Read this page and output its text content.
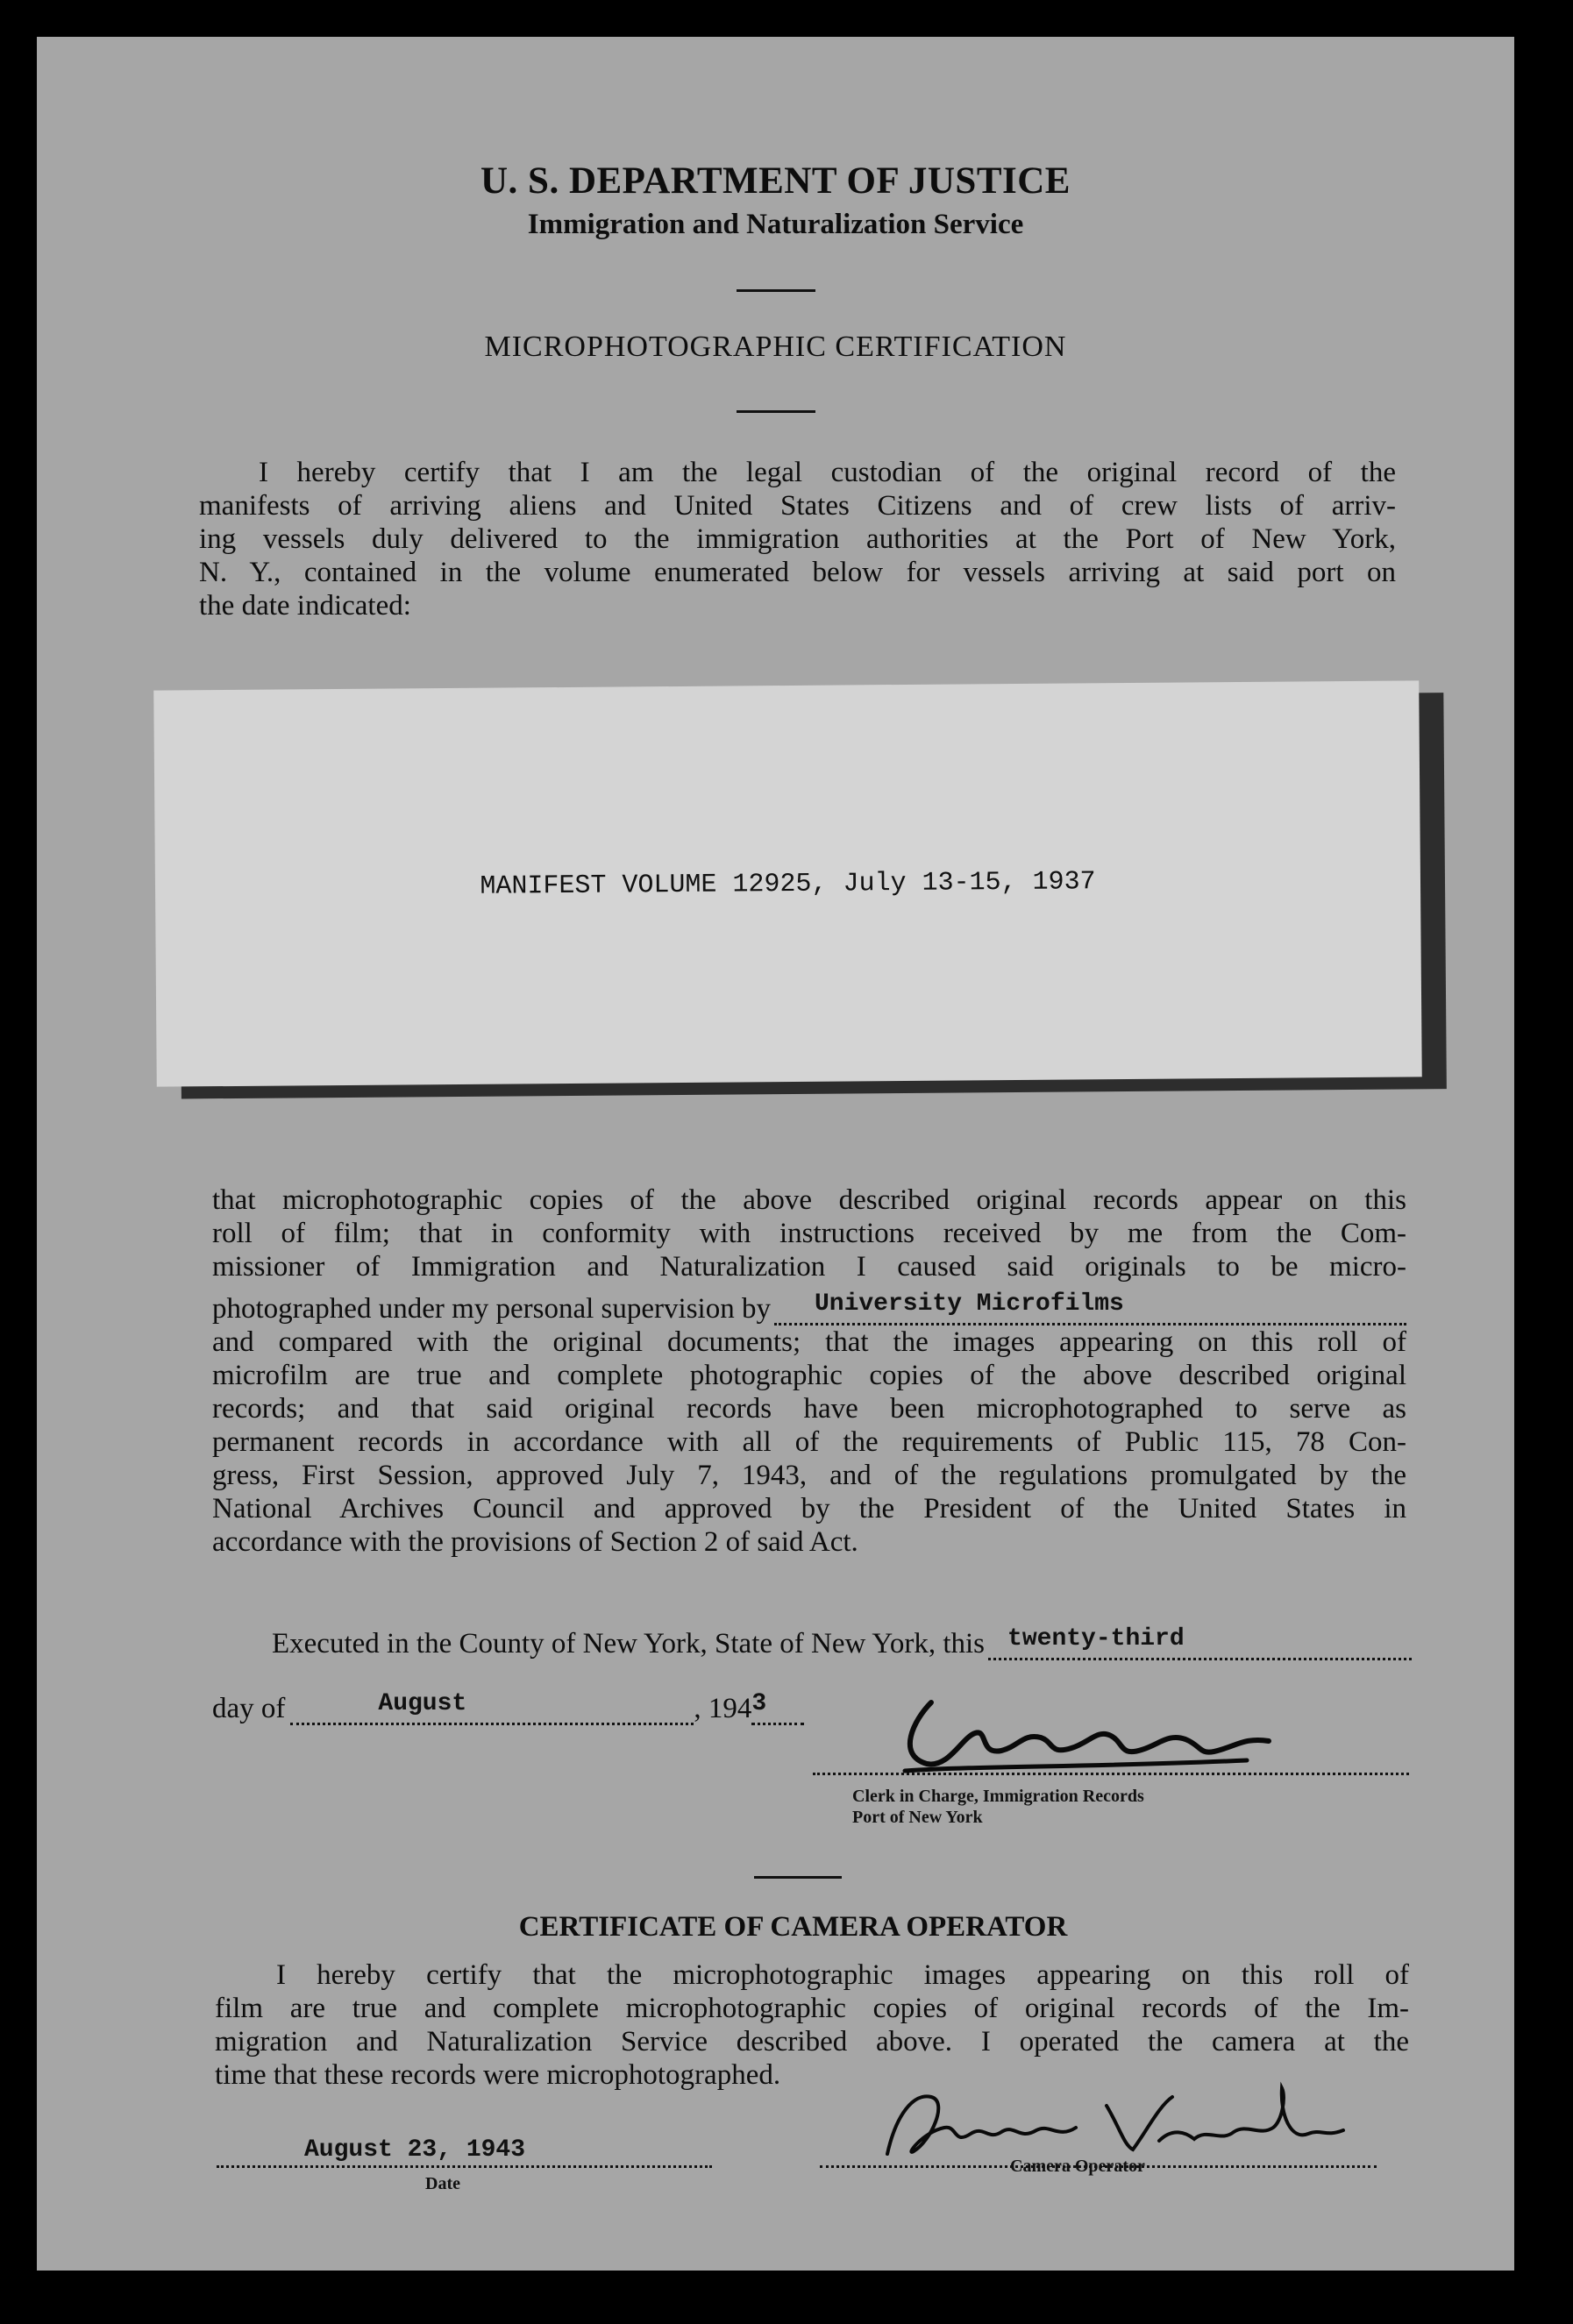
U. S. DEPARTMENT OF JUSTICE
Immigration and Naturalization Service
MICROPHOTOGRAPHIC CERTIFICATION
I hereby certify that I am the legal custodian of the original record of the
manifests of arriving aliens and United States Citizens and of crew lists of arriv-
ing vessels duly delivered to the immigration authorities at the Port of New York,
N. Y., contained in the volume enumerated below for vessels arriving at said port on
the date indicated:
MANIFEST VOLUME 12925, July 13-15, 1937
that microphotographic copies of the above described original records appear on this
roll of film; that in conformity with instructions received by me from the Com-
missioner of Immigration and Naturalization I caused said originals to be micro-
photographed under my personal supervision by University Microfilms
and compared with the original documents; that the images appearing on this roll of
microfilm are true and complete photographic copies of the above described original
records; and that said original records have been microphotographed to serve as
permanent records in accordance with all of the requirements of Public 115, 78 Con-
gress, First Session, approved July 7, 1943, and of the regulations promulgated by the
National Archives Council and approved by the President of the United States in
accordance with the provisions of Section 2 of said Act.
Executed in the County of New York, State of New York, this twenty-third
day of	August	, 194 3
Clerk in Charge, Immigration Records
Port of New York
CERTIFICATE OF CAMERA OPERATOR
I hereby certify that the microphotographic images appearing on this roll of
film are true and complete microphotographic copies of original records of the Im-
migration and Naturalization Service described above. I operated the camera at the
time that these records were microphotographed.
August 23, 1943
Date
Camera Operator
